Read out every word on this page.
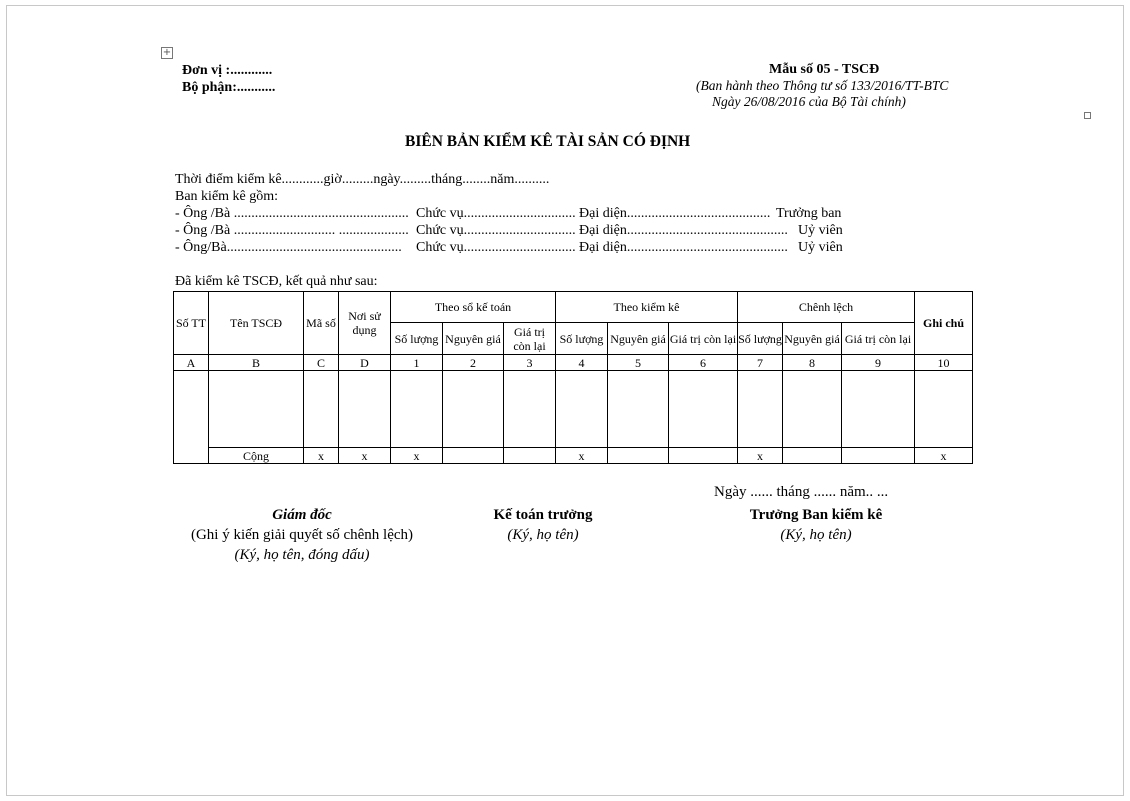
+
Đơn vị :............
Bộ phận:...........
Mẫu số 05 - TSCĐ
(Ban hành theo Thông tư số 133/2016/TT-BTC
Ngày 26/08/2016 của Bộ Tài chính)
BIÊN BẢN KIỂM KÊ TÀI SẢN CÓ ĐỊNH
Thời điểm kiểm kê............giờ.........ngày.........tháng........năm..........
Ban kiểm kê gồm:
- Ông /Bà .................................................. Chức vụ................................ Đại diện......................................... Trưởng ban
- Ông /Bà ............................. .................... Chức vụ................................ Đại diện.............................................. Uỷ viên
- Ông/Bà.................................................. Chức vụ................................ Đại diện.............................................. Uỷ viên
Đã kiểm kê TSCĐ, kết quả như sau:
Số TT	Tên TSCĐ	Mã số	Nơi sử dụng	Theo sổ kế toán			Theo kiểm kê			Chênh lệch			Ghi chú
				Số lượng	Nguyên giá	Giá trị còn lại	Số lượng	Nguyên giá	Giá trị còn lại	Số lượng	Nguyên giá	Giá trị còn lại	
A	B	C	D	1	2	3	4	5	6	7	8	9	10

	Cộng	x	x	x			x			x			x
Ngày ...... tháng ...... năm.. ...
Giám đốc
(Ghi ý kiến giải quyết số chênh lệch)
(Ký, họ tên, đóng dấu)
Kế toán trưởng
(Ký, họ tên)
Trưởng Ban kiểm kê
(Ký, họ tên)
